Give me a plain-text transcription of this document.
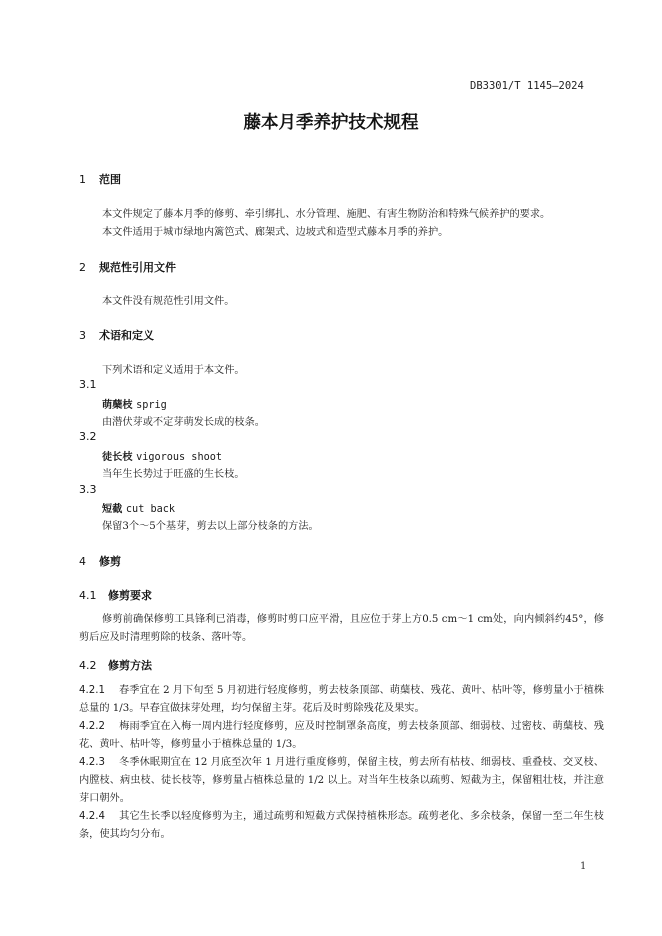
DB3301/T 1145—2024
藤本月季养护技术规程
1 范围
本文件规定了藤本月季的修剪、牵引绑扎、水分管理、施肥、有害生物防治和特殊气候养护的要求。
本文件适用于城市绿地内篱笆式、廊架式、边坡式和造型式藤本月季的养护。
2 规范性引用文件
本文件没有规范性引用文件。
3 术语和定义
下列术语和定义适用于本文件。
3.1
萌蘖枝 sprig
由潜伏芽或不定芽萌发长成的枝条。
3.2
徒长枝 vigorous shoot
当年生长势过于旺盛的生长枝。
3.3
短截 cut back
保留3个～5个基芽，剪去以上部分枝条的方法。
4 修剪
4.1 修剪要求
修剪前确保修剪工具锋利已消毒，修剪时剪口应平滑，且应位于芽上方0.5 cm～1 cm处，向内倾斜约45°，修剪后应及时清理剪除的枝条、落叶等。
4.2 修剪方法
4.2.1 春季宜在 2 月下旬至 5 月初进行轻度修剪，剪去枝条顶部、萌蘖枝、残花、黄叶、枯叶等，修剪量小于植株总量的 1/3。早春宜做抹芽处理，均匀保留主芽。花后及时剪除残花及果实。
4.2.2 梅雨季宜在入梅一周内进行轻度修剪，应及时控制罩条高度，剪去枝条顶部、细弱枝、过密枝、萌蘖枝、残花、黄叶、枯叶等，修剪量小于植株总量的 1/3。
4.2.3 冬季休眠期宜在 12 月底至次年 1 月进行重度修剪，保留主枝，剪去所有枯枝、细弱枝、重叠枝、交叉枝、内膛枝、病虫枝、徒长枝等，修剪量占植株总量的 1/2 以上。对当年生枝条以疏剪、短截为主，保留粗壮枝，并注意芽口朝外。
4.2.4 其它生长季以轻度修剪为主，通过疏剪和短截方式保持植株形态。疏剪老化、多余枝条，保留一至二年生枝条，使其均匀分布。
1
